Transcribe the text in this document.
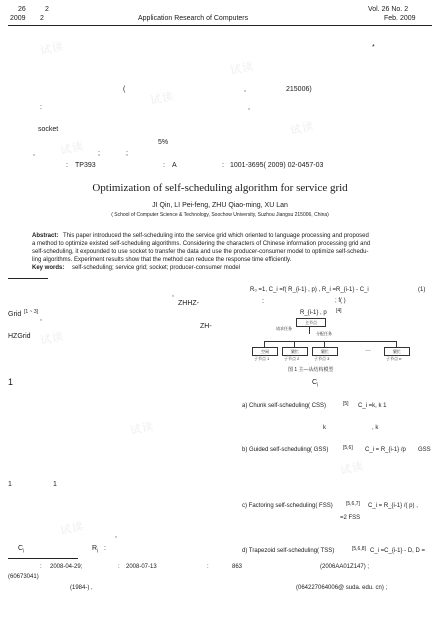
试读
试读
试读
试读
试读
试读
试读
试读
试读
26	2
2009 2	Application Research of Computers
Vol. 26 No. 2
Feb. 2009
*
(	,	215006)
:	,
socket
5%
,
: TP393
;	;
: A	: 1001-3695( 2009) 02-0457-03
Optimization of self-scheduling algorithm for service grid
JI Qin, LI Pei-feng, ZHU Qiao-ming, XU Lan
( School of Computer Science & Technology, Soochow University, Suzhou Jiangsu 215006, China)
Abstract: This paper introduced the self-scheduling into the service grid which oriented to language processing and proposed
a method to optimize existed self-scheduling algorithms. Considering the characters of Chinese information processing grid and
self-scheduling, it expounded to use socket to transfer the data and use the producer-consumer model to optimize self-schedu-
ling algorithms. Experiment results show that the method can reduce the response time efficiently.
Key words: self-scheduling; service grid; socket; producer-consumer model
,
ZHHZ-
Grid [1 ~ 3]
,
ZH-
HZGrid
1
1	1
,
$C_i$	$R_i$ :
: 2008-04-29;	: 2008-07-13	:	863	(2006AA01Z147) ;
(60673041)
(1984-) ,	(064227064006@ suda. edu. cn) ;
R₀ =1, C_i =f( R_{i-1} , p) , R_i =R_{i-1} - C_i	(1)
:	; f( )
R_{i-1} , p [4]
主节点
请求任务
分配任务
空闲	繁忙	繁忙	…	繁忙
子节点 1	子节点 2	子节点 3	子节点 n
图 1 主—从结构模型
$C_i$
a) Chunk self-scheduling( CSS)	[5] C_i =k, k 1
k	, k
b) Guided self-scheduling( GSS)	[5,6] C_i = R_{i-1} /p GSS
c) Factoring self-scheduling( FSS)	[5,6,7] C_i = R_{i-1} /( p) ,
=2 FSS
d) Trapezoid self-scheduling( TSS)	[5,6,8] C_i =C_{i-1} - D, D =
